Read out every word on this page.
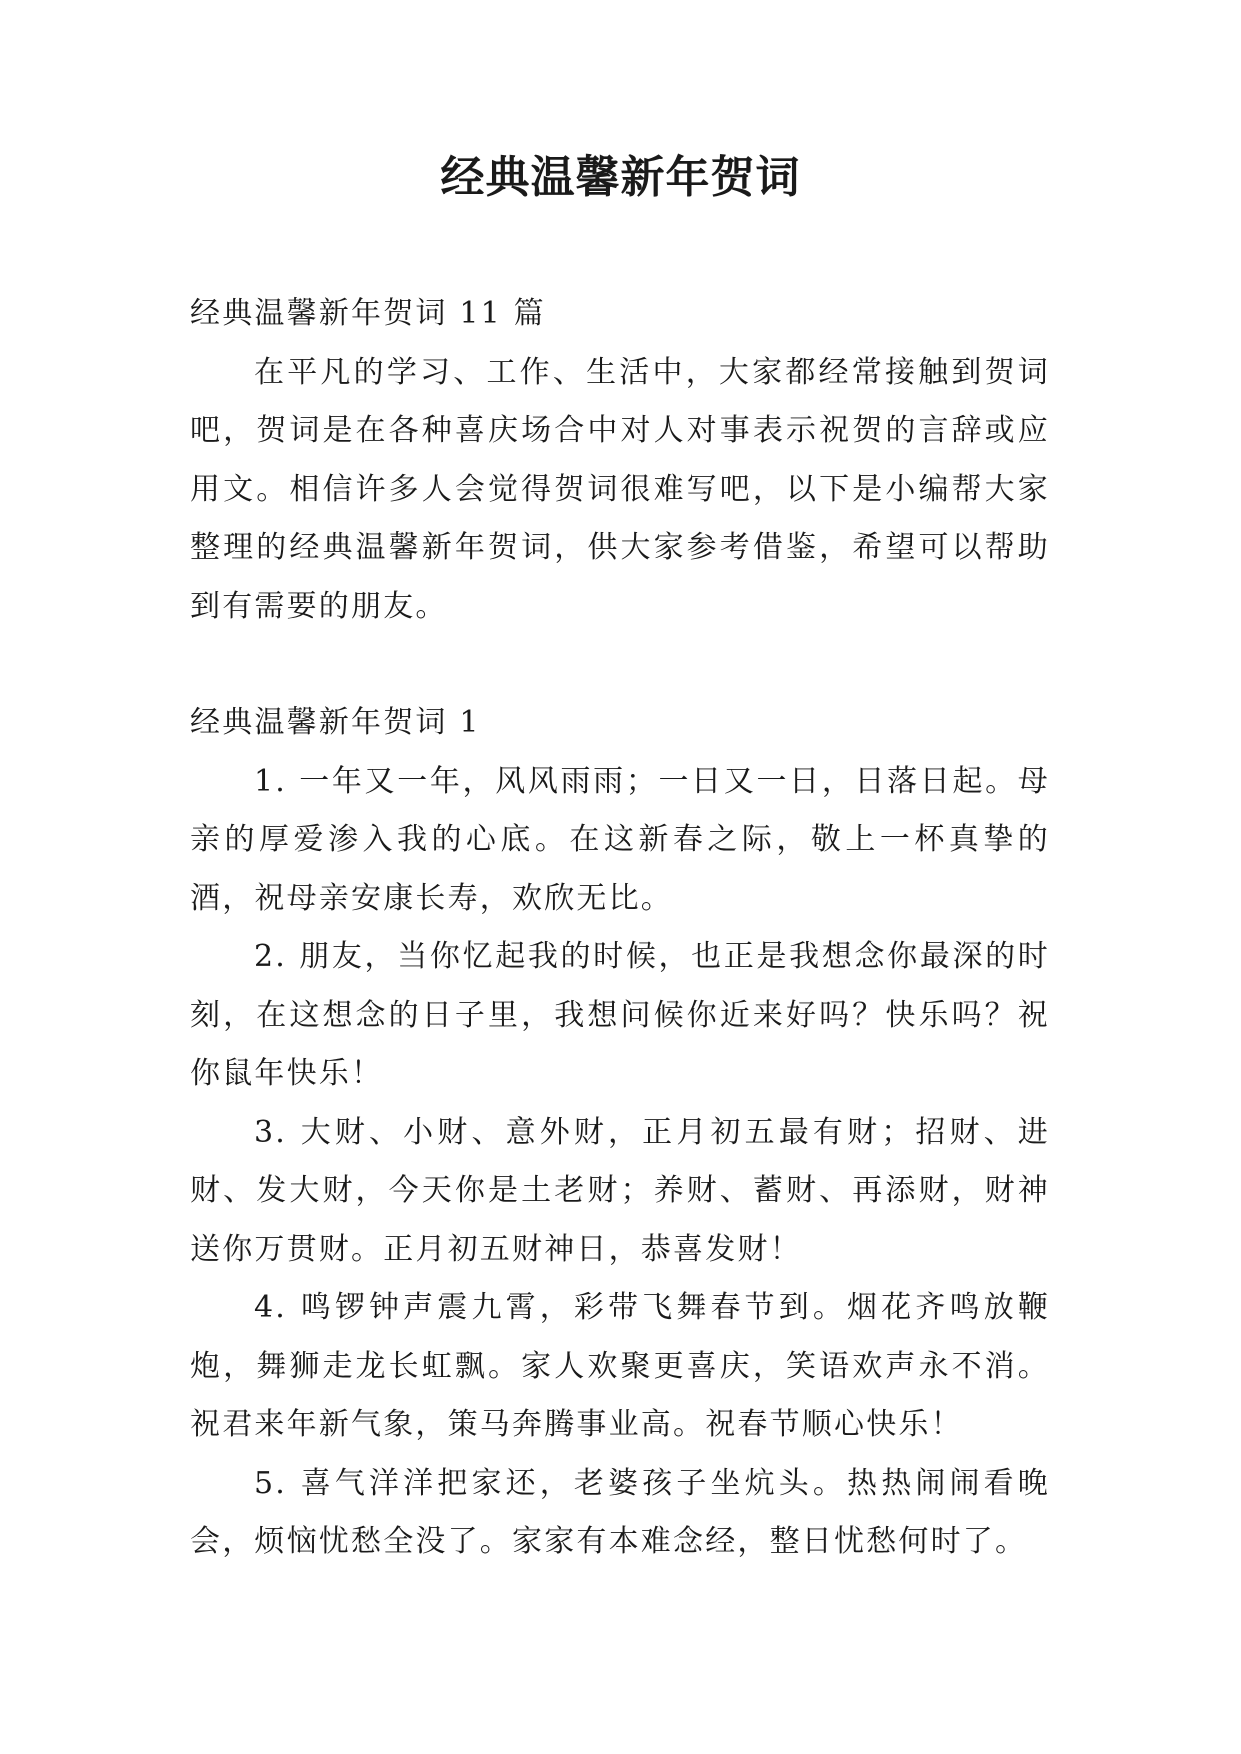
经典温馨新年贺词

经典温馨新年贺词 11 篇

在平凡的学习、工作、生活中，大家都经常接触到贺词吧，贺词是在各种喜庆场合中对人对事表示祝贺的言辞或应用文。相信许多人会觉得贺词很难写吧，以下是小编帮大家整理的经典温馨新年贺词，供大家参考借鉴，希望可以帮助到有需要的朋友。

经典温馨新年贺词 1

1. 一年又一年，风风雨雨；一日又一日，日落日起。母亲的厚爱渗入我的心底。在这新春之际，敬上一杯真挚的酒，祝母亲安康长寿，欢欣无比。

2. 朋友，当你忆起我的时候，也正是我想念你最深的时刻，在这想念的日子里，我想问候你近来好吗？快乐吗？祝你鼠年快乐！

3. 大财、小财、意外财，正月初五最有财；招财、进财、发大财，今天你是土老财；养财、蓄财、再添财，财神送你万贯财。正月初五财神日，恭喜发财！

4. 鸣锣钟声震九霄，彩带飞舞春节到。烟花齐鸣放鞭炮，舞狮走龙长虹飘。家人欢聚更喜庆，笑语欢声永不消。祝君来年新气象，策马奔腾事业高。祝春节顺心快乐！

5. 喜气洋洋把家还，老婆孩子坐炕头。热热闹闹看晚会，烦恼忧愁全没了。家家有本难念经，整日忧愁何时了。
